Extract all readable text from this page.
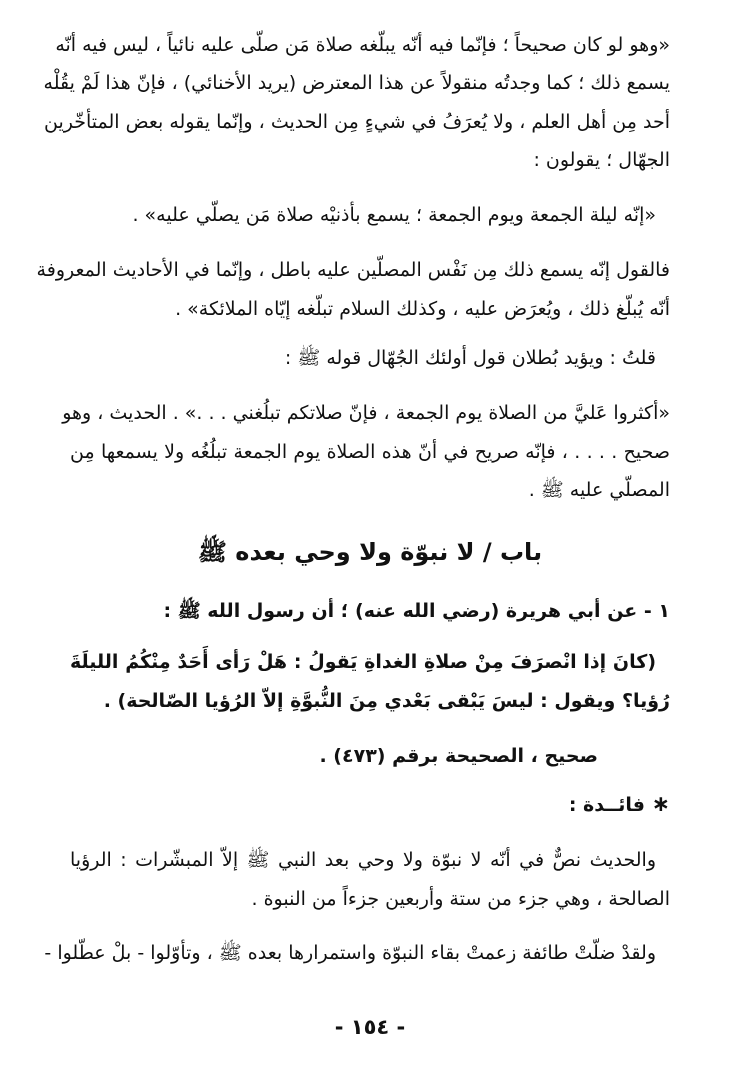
«وهو لو كان صحيحاً ؛ فإنّما فيه أنّه يبلّغه صلاة مَن صلّى عليه نائياً ، ليس فيه أنّه
يسمع ذلك ؛ كما وجدتُه منقولاً عن هذا المعترض (يريد الأخنائي) ، فإنّ هذا لَمْ يقُلْه
أحد مِن أهل العلم ، ولا يُعرَفُ في شيءٍ مِن الحديث ، وإنّما يقوله بعض المتأخّرين
الجهّال ؛ يقولون :
«إنّه ليلة الجمعة ويوم الجمعة ؛ يسمع بأذنيْه صلاة مَن يصلّي عليه» .
فالقول إنّه يسمع ذلك مِن نَفْس المصلّين عليه باطل ، وإنّما في الأحاديث المعروفة
أنّه يُبلّغ ذلك ، ويُعرَض عليه ، وكذلك السلام تبلّغه إيّاه الملائكة» .
قلتُ : ويؤيد بُطلان قول أولئك الجُهّال قوله ﷺ :
«أكثروا عَليَّ من الصلاة يوم الجمعة ، فإنّ صلاتكم تبلُغني . . .» . الحديث ، وهو
صحيح . . . . ، فإنّه صريح في أنّ هذه الصلاة يوم الجمعة تبلُغُه ولا يسمعها مِن
المصلّي عليه ﷺ .
باب / لا نبوّة ولا وحي بعده ﷺ
١ - عن أبي هريرة (رضي الله عنه) ؛ أن رسول الله ﷺ :
(كانَ إذا انْصرَفَ مِنْ صلاةِ الغداةِ يَقولُ : هَلْ رَأى أَحَدٌ مِنْكُمُ الليلَةَ
رُؤيا؟ ويقول : ليسَ يَبْقى بَعْدي مِنَ النُّبوَّةِ إلاّ الرُؤيا الصّالحة) .
صحيح ، الصحيحة برقم (٤٧٣) .
∗ فائــدة :
والحديث نصٌّ في أنّه لا نبوّة ولا وحي بعد النبي ﷺ إلاّ المبشّرات : الرؤيا
الصالحة ، وهي جزء من ستة وأربعين جزءاً من النبوة .
ولقدْ ضلّتْ طائفة زعمتْ بقاء النبوّة واستمرارها بعده ﷺ ، وتأوّلوا - بلْ عطّلوا -
- ١٥٤ -
